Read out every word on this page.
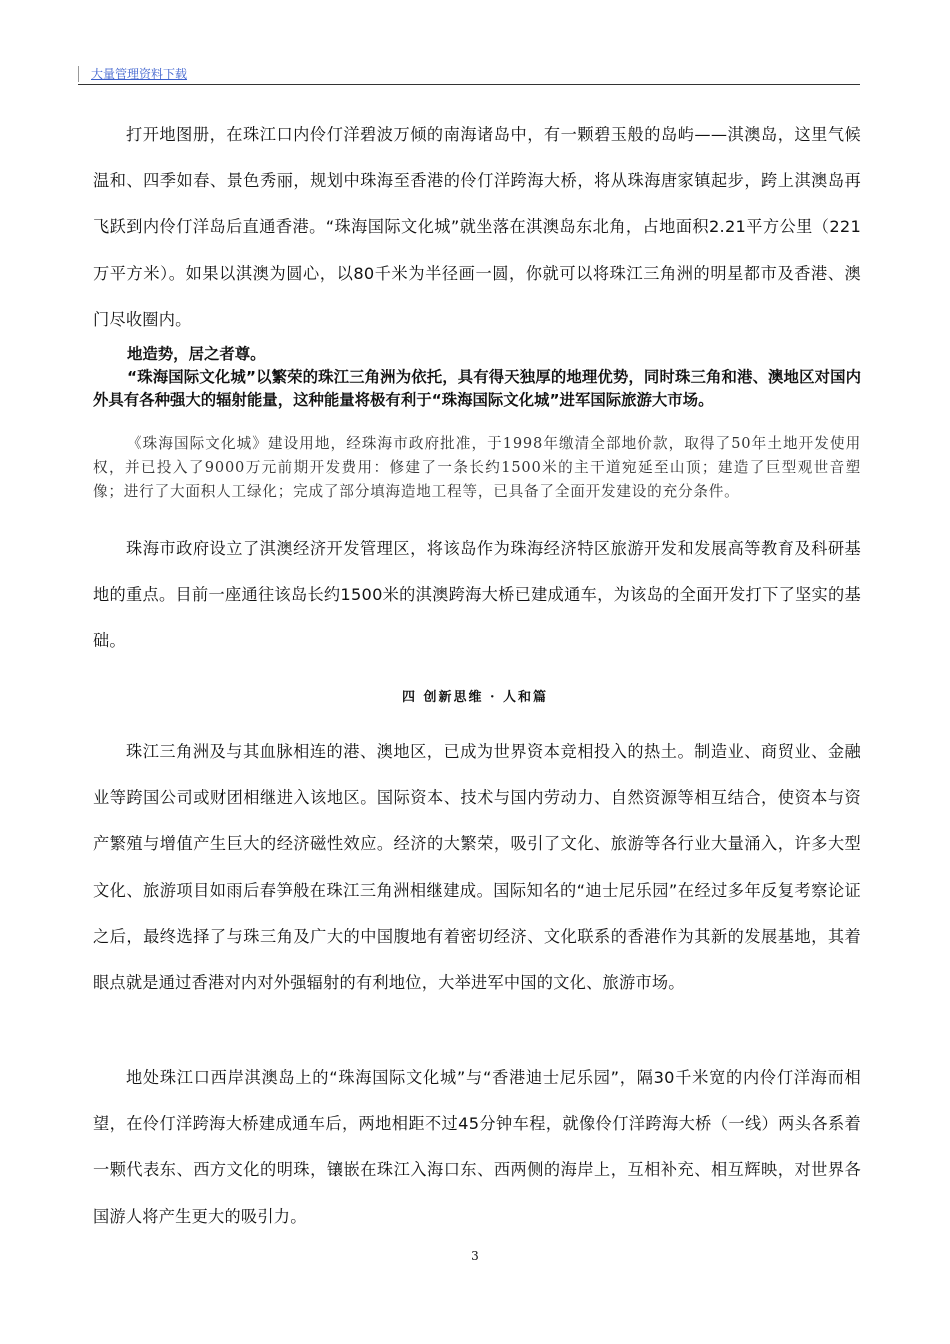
大量管理资料下载

打开地图册，在珠江口内伶仃洋碧波万倾的南海诸岛中，有一颗碧玉般的岛屿——淇澳岛，这里气候温和、四季如春、景色秀丽，规划中珠海至香港的伶仃洋跨海大桥，将从珠海唐家镇起步，跨上淇澳岛再飞跃到内伶仃洋岛后直通香港。“珠海国际文化城”就坐落在淇澳岛东北角，占地面积2.21平方公里（221万平方米）。如果以淇澳为圆心，以80千米为半径画一圆，你就可以将珠江三角洲的明星都市及香港、澳门尽收圈内。

地造势，居之者尊。

“珠海国际文化城”以繁荣的珠江三角洲为依托，具有得天独厚的地理优势，同时珠三角和港、澳地区对国内外具有各种强大的辐射能量，这种能量将极有利于“珠海国际文化城”进军国际旅游大市场。

《珠海国际文化城》建设用地，经珠海市政府批准，于1998年缴清全部地价款，取得了50年土地开发使用权，并已投入了9000万元前期开发费用：修建了一条长约1500米的主干道宛延至山顶；建造了巨型观世音塑像；进行了大面积人工绿化；完成了部分填海造地工程等，已具备了全面开发建设的充分条件。

珠海市政府设立了淇澳经济开发管理区，将该岛作为珠海经济特区旅游开发和发展高等教育及科研基地的重点。目前一座通往该岛长约1500米的淇澳跨海大桥已建成通车，为该岛的全面开发打下了坚实的基础。

四 创新思维 · 人和篇

珠江三角洲及与其血脉相连的港、澳地区，已成为世界资本竞相投入的热土。制造业、商贸业、金融业等跨国公司或财团相继进入该地区。国际资本、技术与国内劳动力、自然资源等相互结合，使资本与资产繁殖与增值产生巨大的经济磁性效应。经济的大繁荣，吸引了文化、旅游等各行业大量涌入，许多大型文化、旅游项目如雨后春笋般在珠江三角洲相继建成。国际知名的“迪士尼乐园”在经过多年反复考察论证之后，最终选择了与珠三角及广大的中国腹地有着密切经济、文化联系的香港作为其新的发展基地，其着眼点就是通过香港对内对外强辐射的有利地位，大举进军中国的文化、旅游市场。

地处珠江口西岸淇澳岛上的“珠海国际文化城”与“香港迪士尼乐园”，隔30千米宽的内伶仃洋海而相望，在伶仃洋跨海大桥建成通车后，两地相距不过45分钟车程，就像伶仃洋跨海大桥（一线）两头各系着一颗代表东、西方文化的明珠，镶嵌在珠江入海口东、西两侧的海岸上，互相补充、相互辉映，对世界各国游人将产生更大的吸引力。

3
